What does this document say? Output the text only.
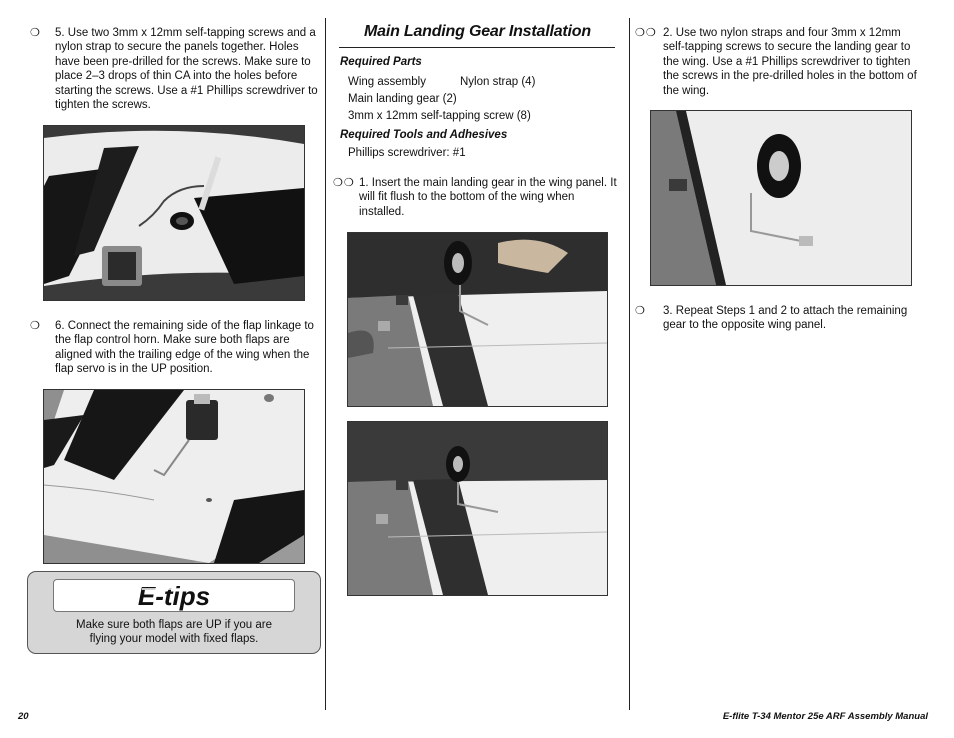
❍ 5. Use two 3mm x 12mm self-tapping screws and a nylon strap to secure the panels together. Holes have been pre-drilled for the screws. Make sure to place 2–3 drops of thin CA into the holes before starting the screws. Use a #1 Phillips screwdriver to tighten the screws.
❍ 6. Connect the remaining side of the flap linkage to the flap control horn. Make sure both flaps are aligned with the trailing edge of the wing when the flap servo is in the UP position.
E-tips
Make sure both flaps are UP if you are
flying your model with fixed flaps.
Main Landing Gear Installation
Required Parts
Wing assembly	Nylon strap (4)
Main landing gear (2)
3mm x 12mm self-tapping screw (8)
Required Tools and Adhesives
Phillips screwdriver: #1
❍❍ 1. Insert the main landing gear in the wing panel. It will fit flush to the bottom of the wing when installed.
❍❍ 2. Use two nylon straps and four 3mm x 12mm self-tapping screws to secure the landing gear to the wing. Use a #1 Phillips screwdriver to tighten the screws in the pre-drilled holes in the bottom of the wing.
❍ 3. Repeat Steps 1 and 2 to attach the remaining gear to the opposite wing panel.
20	E-flite T-34 Mentor 25e ARF Assembly Manual
